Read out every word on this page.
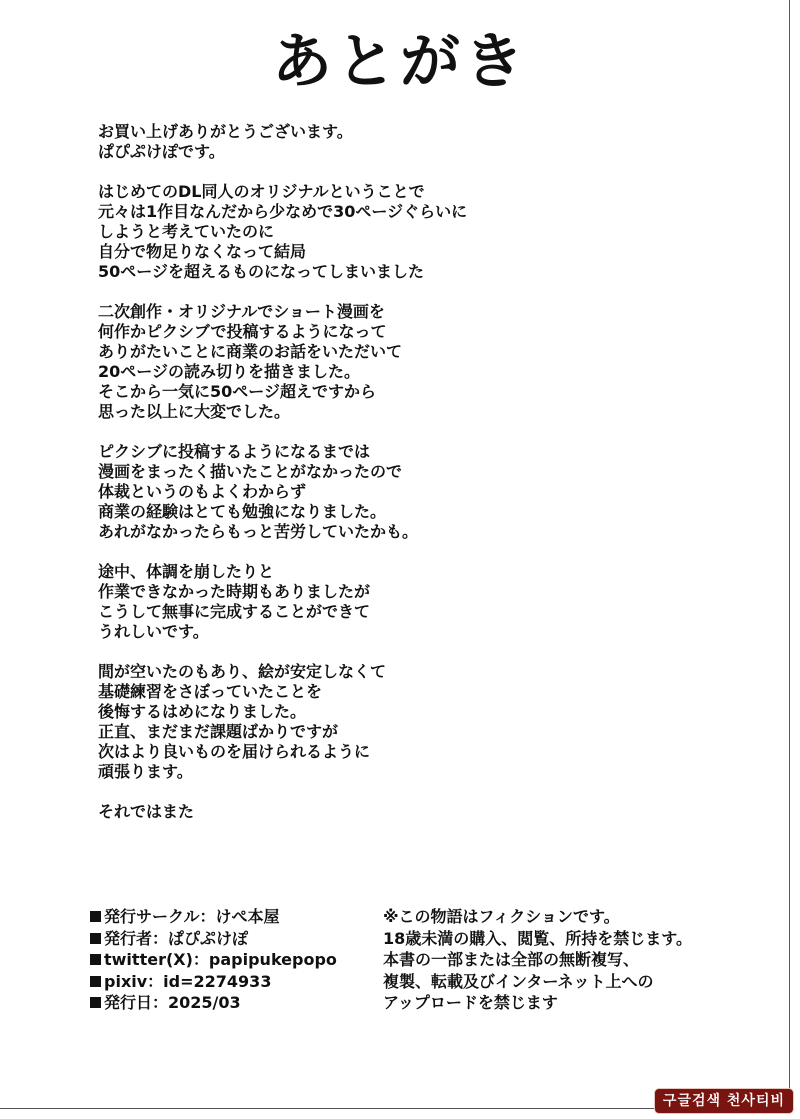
あとがき
お買い上げありがとうございます。
ぱぴぷけぽです。
はじめてのDL同人のオリジナルということで
元々は1作目なんだから少なめで30ページぐらいに
しようと考えていたのに
自分で物足りなくなって結局
50ページを超えるものになってしまいました
二次創作・オリジナルでショート漫画を
何作かピクシブで投稿するようになって
ありがたいことに商業のお話をいただいて
20ページの読み切りを描きました。
そこから一気に50ページ超えですから
思った以上に大変でした。
ピクシブに投稿するようになるまでは
漫画をまったく描いたことがなかったので
体裁というのもよくわからず
商業の経験はとても勉強になりました。
あれがなかったらもっと苦労していたかも。
途中、体調を崩したりと
作業できなかった時期もありましたが
こうして無事に完成することができて
うれしいです。
間が空いたのもあり、絵が安定しなくて
基礎練習をさぼっていたことを
後悔するはめになりました。
正直、まだまだ課題ばかりですが
次はより良いものを届けられるように
頑張ります。
それではまた
発行サークル：けぺ本屋
発行者：ぱぴぷけぽ
twitter(X)：papipukepopo
pixiv：id=2274933
発行日：2025/03
※この物語はフィクションです。
18歳未満の購入、閲覧、所持を禁じます。
本書の一部または全部の無断複写、
複製、転載及びインターネット上への
アップロードを禁じます
구글검색 천사티비
